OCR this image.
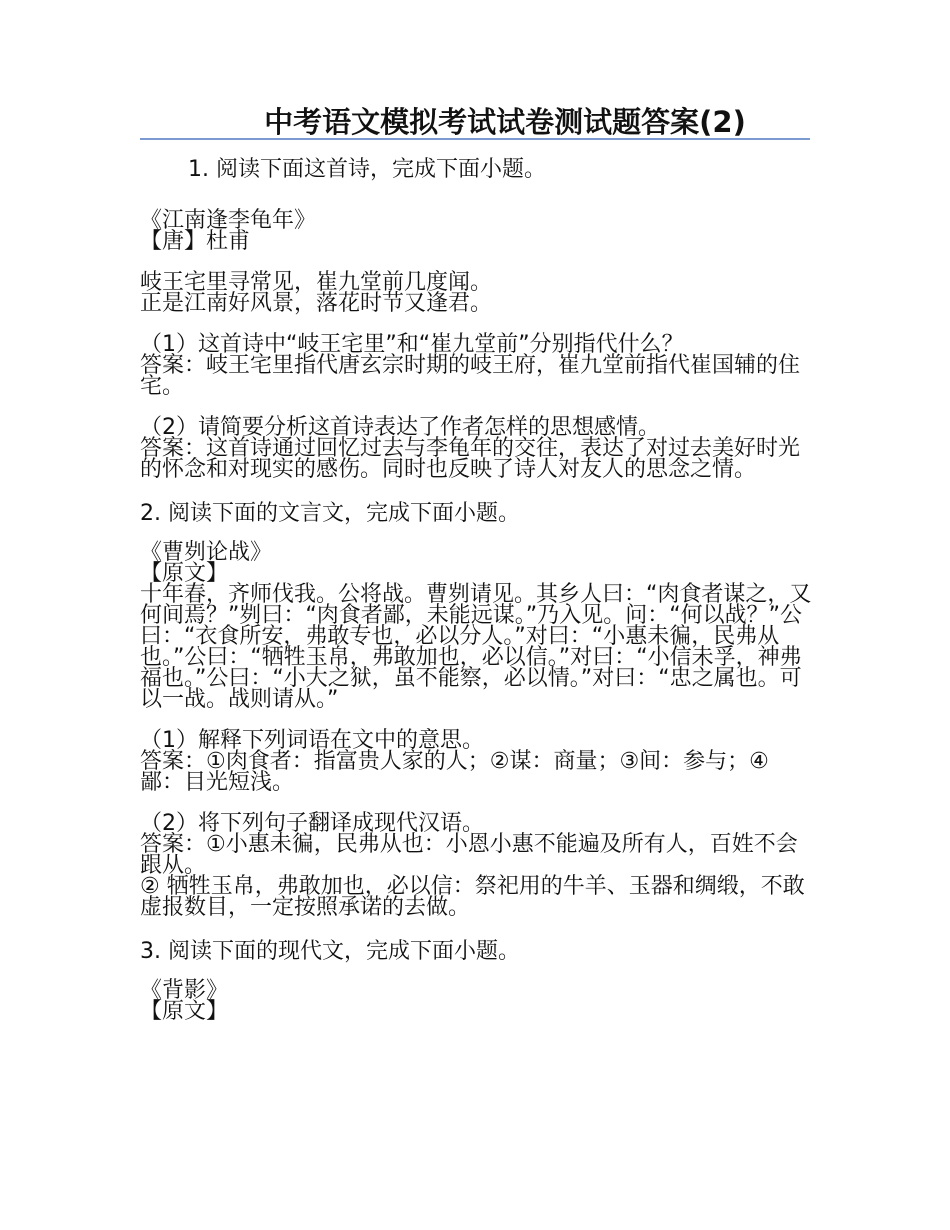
中考语文模拟考试试卷测试题答案(2)

1. 阅读下面这首诗，完成下面小题。

《江南逢李龟年》

【唐】杜甫

岐王宅里寻常见，崔九堂前几度闻。

正是江南好风景，落花时节又逢君。

（1）这首诗中“岐王宅里”和“崔九堂前”分别指代什么？

答案：岐王宅里指代唐玄宗时期的岐王府，崔九堂前指代崔国辅的住宅。

（2）请简要分析这首诗表达了作者怎样的思想感情。

答案：这首诗通过回忆过去与李龟年的交往，表达了对过去美好时光的怀念和对现实的感伤。同时也反映了诗人对友人的思念之情。

2. 阅读下面的文言文，完成下面小题。

《曹刿论战》

【原文】

十年春，齐师伐我。公将战。曹刿请见。其乡人曰：“肉食者谋之，又何间焉？”刿曰：“肉食者鄙，未能远谋。”乃入见。问：“何以战？”公曰：“衣食所安，弗敢专也，必以分人。”对曰：“小惠未徧，民弗从也。”公曰：“牺牲玉帛，弗敢加也，必以信。”对曰：“小信未孚，神弗福也。”公曰：“小大之狱，虽不能察，必以情。”对曰：“忠之属也。可以一战。战则请从。”

（1）解释下列词语在文中的意思。

答案：①肉食者：指富贵人家的人；②谋：商量；③间：参与；④鄙：目光短浅。

（2）将下列句子翻译成现代汉语。

答案：①小惠未徧，民弗从也：小恩小惠不能遍及所有人，百姓不会跟从。

② 牺牲玉帛，弗敢加也，必以信：祭祀用的牛羊、玉器和绸缎，不敢虚报数目，一定按照承诺的去做。

3. 阅读下面的现代文，完成下面小题。

《背影》

【原文】
